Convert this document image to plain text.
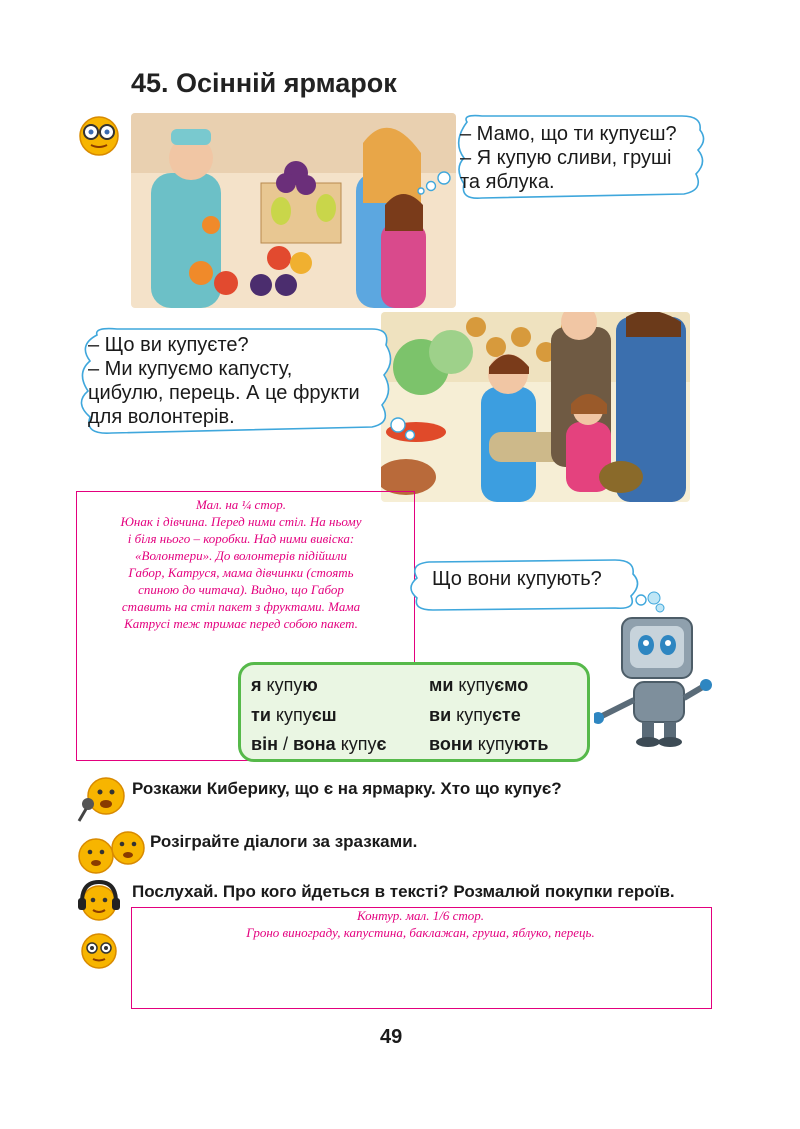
45. Осінній ярмарок
– Мамо, що ти купуєш?
– Я купую сливи, груші
та яблука.
– Що ви купуєте?
– Ми купуємо капусту,
цибулю, перець. А це фрукти
для волонтерів.
Мал. на ¼ стор.
Юнак і дівчина. Перед ними стіл. На ньому
і біля нього – коробки. Над ними вивіска:
«Волонтери». До волонтерів підійшли
Габор, Катруся, мама дівчинки (стоять
спиною до читача). Видно, що Габор
ставить на стіл пакет з фруктами. Мама
Катрусі теж тримає перед собою пакет.
Що вони купують?
я купую	ми купуємо
ти купуєш	ви купуєте
він / вона купує	вони купують
Розкажи Киберику, що є на ярмарку. Хто що купує?
Розіграйте діалоги за зразками.
Послухай. Про кого йдеться в тексті? Розмалюй покупки героїв.
Контур. мал. 1/6 стор.
Гроно винограду, капустина, баклажан, груша, яблуко, перець.
49
